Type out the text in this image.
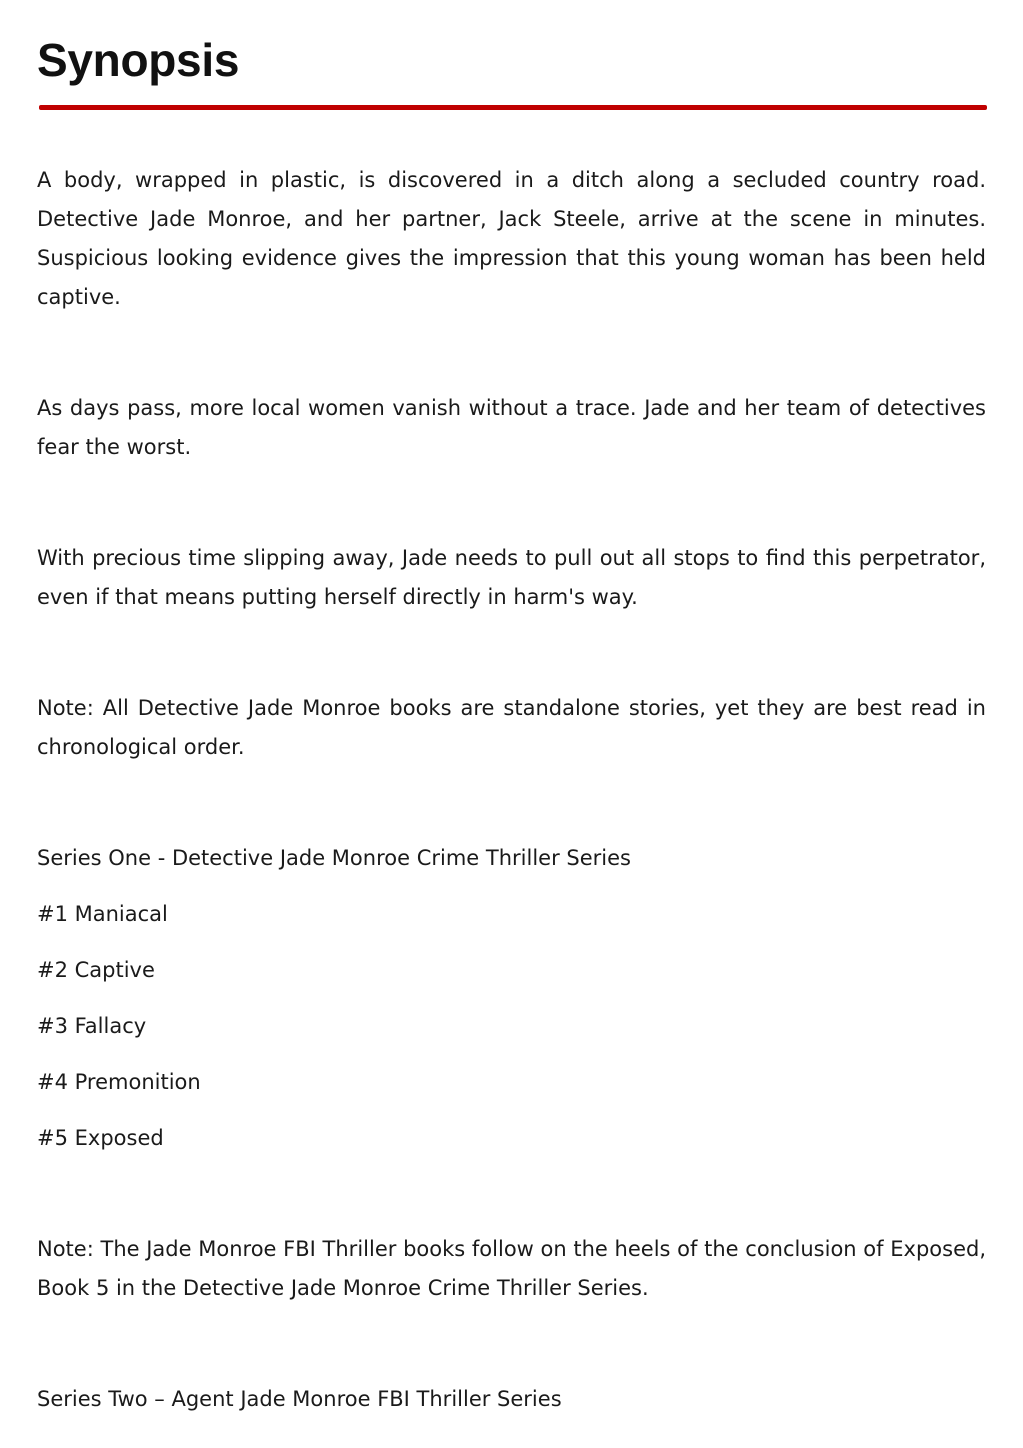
Synopsis

A body, wrapped in plastic, is discovered in a ditch along a secluded country road. Detective Jade Monroe, and her partner, Jack Steele, arrive at the scene in minutes. Suspicious looking evidence gives the impression that this young woman has been held captive.

As days pass, more local women vanish without a trace. Jade and her team of detectives fear the worst.

With precious time slipping away, Jade needs to pull out all stops to find this perpetrator, even if that means putting herself directly in harm's way.

Note: All Detective Jade Monroe books are standalone stories, yet they are best read in chronological order.

Series One - Detective Jade Monroe Crime Thriller Series

#1 Maniacal

#2 Captive

#3 Fallacy

#4 Premonition

#5 Exposed

Note: The Jade Monroe FBI Thriller books follow on the heels of the conclusion of Exposed, Book 5 in the Detective Jade Monroe Crime Thriller Series.

Series Two – Agent Jade Monroe FBI Thriller Series
